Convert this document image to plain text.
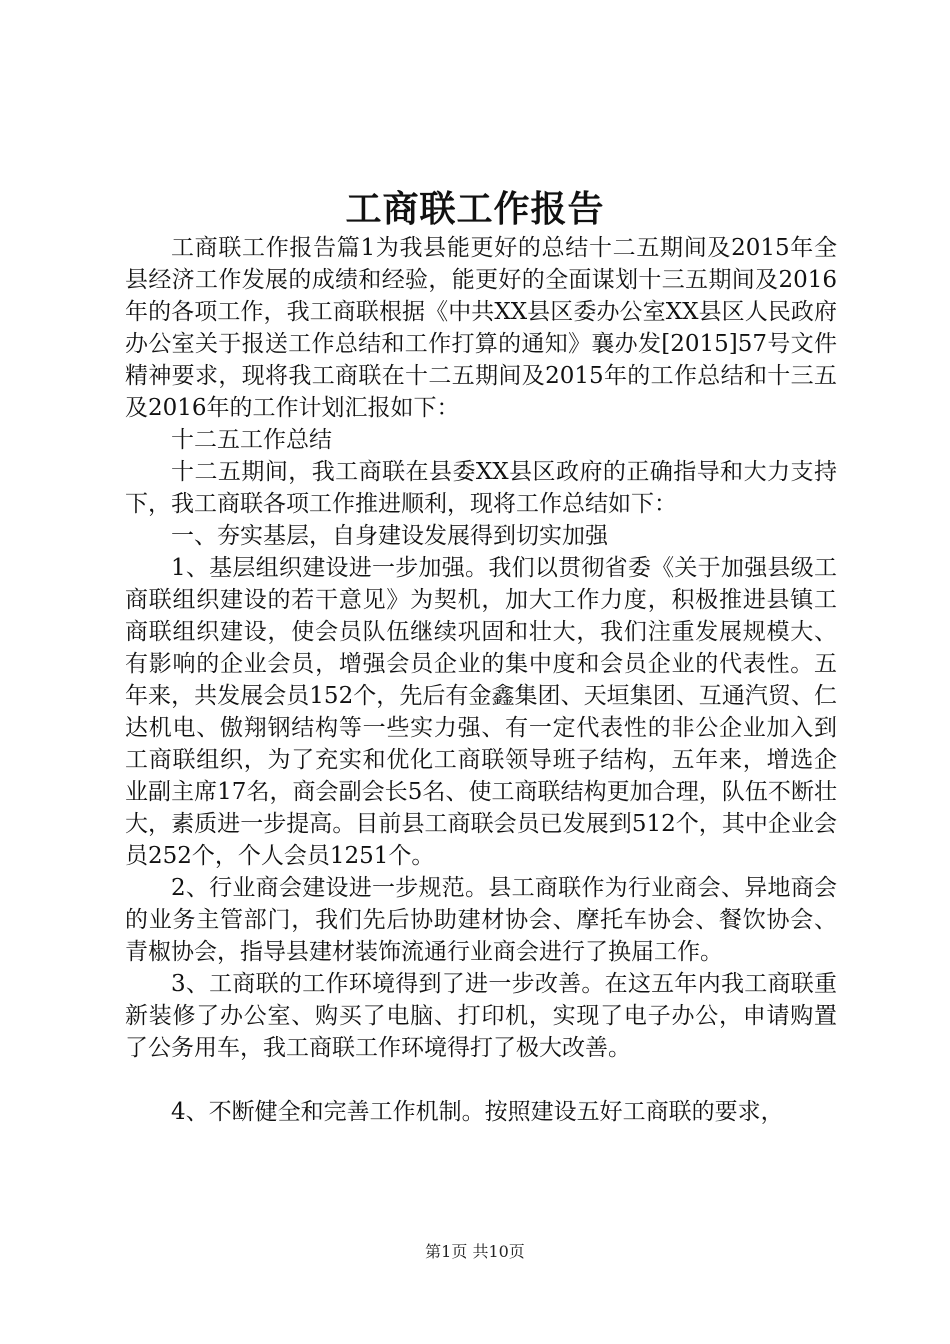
工商联工作报告

工商联工作报告篇1为我县能更好的总结十二五期间及2015年全县经济工作发展的成绩和经验，能更好的全面谋划十三五期间及2016年的各项工作，我工商联根据《中共XX县区委办公室XX县区人民政府办公室关于报送工作总结和工作打算的通知》襄办发[2015]57号文件精神要求，现将我工商联在十二五期间及2015年的工作总结和十三五及2016年的工作计划汇报如下：

十二五工作总结

十二五期间，我工商联在县委XX县区政府的正确指导和大力支持下，我工商联各项工作推进顺利，现将工作总结如下：

一、夯实基层，自身建设发展得到切实加强

1、基层组织建设进一步加强。我们以贯彻省委《关于加强县级工商联组织建设的若干意见》为契机，加大工作力度，积极推进县镇工商联组织建设，使会员队伍继续巩固和壮大，我们注重发展规模大、有影响的企业会员，增强会员企业的集中度和会员企业的代表性。五年来，共发展会员152个，先后有金鑫集团、天垣集团、互通汽贸、仁达机电、傲翔钢结构等一些实力强、有一定代表性的非公企业加入到工商联组织，为了充实和优化工商联领导班子结构，五年来，增选企业副主席17名，商会副会长5名、使工商联结构更加合理，队伍不断壮大，素质进一步提高。目前县工商联会员已发展到512个，其中企业会员252个，个人会员1251个。

2、行业商会建设进一步规范。县工商联作为行业商会、异地商会的业务主管部门，我们先后协助建材协会、摩托车协会、餐饮协会、青椒协会，指导县建材装饰流通行业商会进行了换届工作。

3、工商联的工作环境得到了进一步改善。在这五年内我工商联重新装修了办公室、购买了电脑、打印机，实现了电子办公，申请购置了公务用车，我工商联工作环境得打了极大改善。

4、不断健全和完善工作机制。按照建设五好工商联的要求，

第1页 共10页
